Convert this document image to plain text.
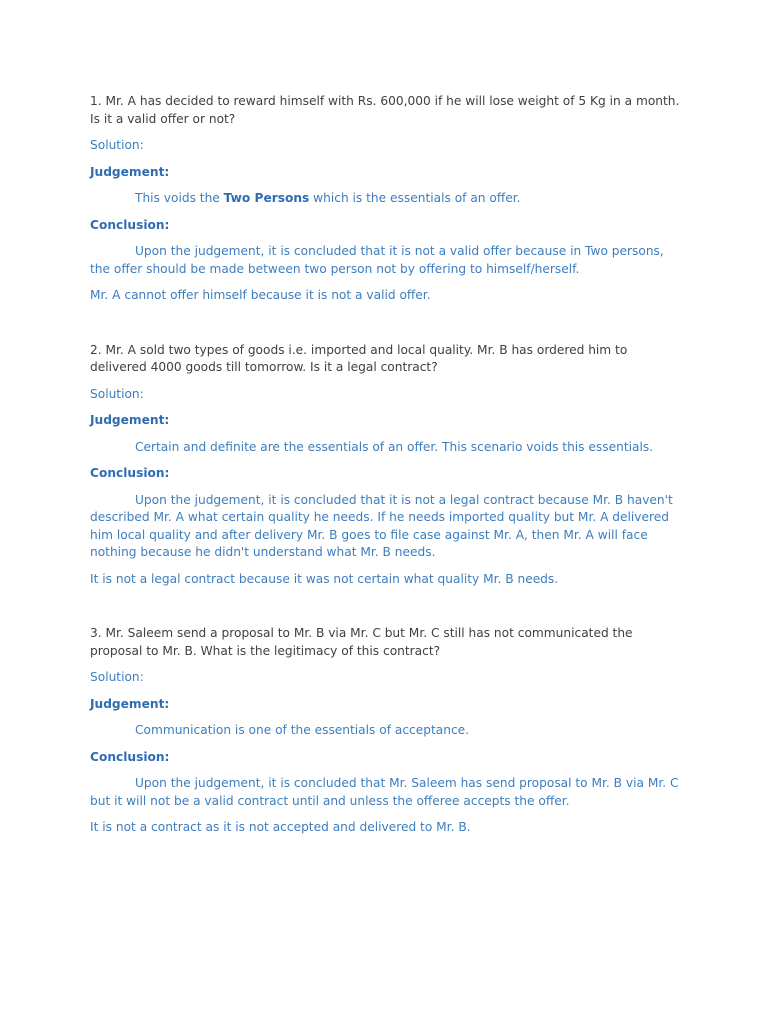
1. Mr. A has decided to reward himself with Rs. 600,000 if he will lose weight of 5 Kg in a month. Is it a valid offer or not?

Solution:

Judgement:

This voids the Two Persons which is the essentials of an offer.

Conclusion:

Upon the judgement, it is concluded that it is not a valid offer because in Two persons, the offer should be made between two person not by offering to himself/herself.

Mr. A cannot offer himself because it is not a valid offer.

2. Mr. A sold two types of goods i.e. imported and local quality. Mr. B has ordered him to delivered 4000 goods till tomorrow. Is it a legal contract?

Solution:

Judgement:

Certain and definite are the essentials of an offer. This scenario voids this essentials.

Conclusion:

Upon the judgement, it is concluded that it is not a legal contract because Mr. B haven't described Mr. A what certain quality he needs. If he needs imported quality but Mr. A delivered him local quality and after delivery Mr. B goes to file case against Mr. A, then Mr. A will face nothing because he didn't understand what Mr. B needs.

It is not a legal contract because it was not certain what quality Mr. B needs.

3. Mr. Saleem send a proposal to Mr. B via Mr. C but Mr. C still has not communicated the proposal to Mr. B. What is the legitimacy of this contract?

Solution:

Judgement:

Communication is one of the essentials of acceptance.

Conclusion:

Upon the judgement, it is concluded that Mr. Saleem has send proposal to Mr. B via Mr. C but it will not be a valid contract until and unless the offeree accepts the offer.

It is not a contract as it is not accepted and delivered to Mr. B.
